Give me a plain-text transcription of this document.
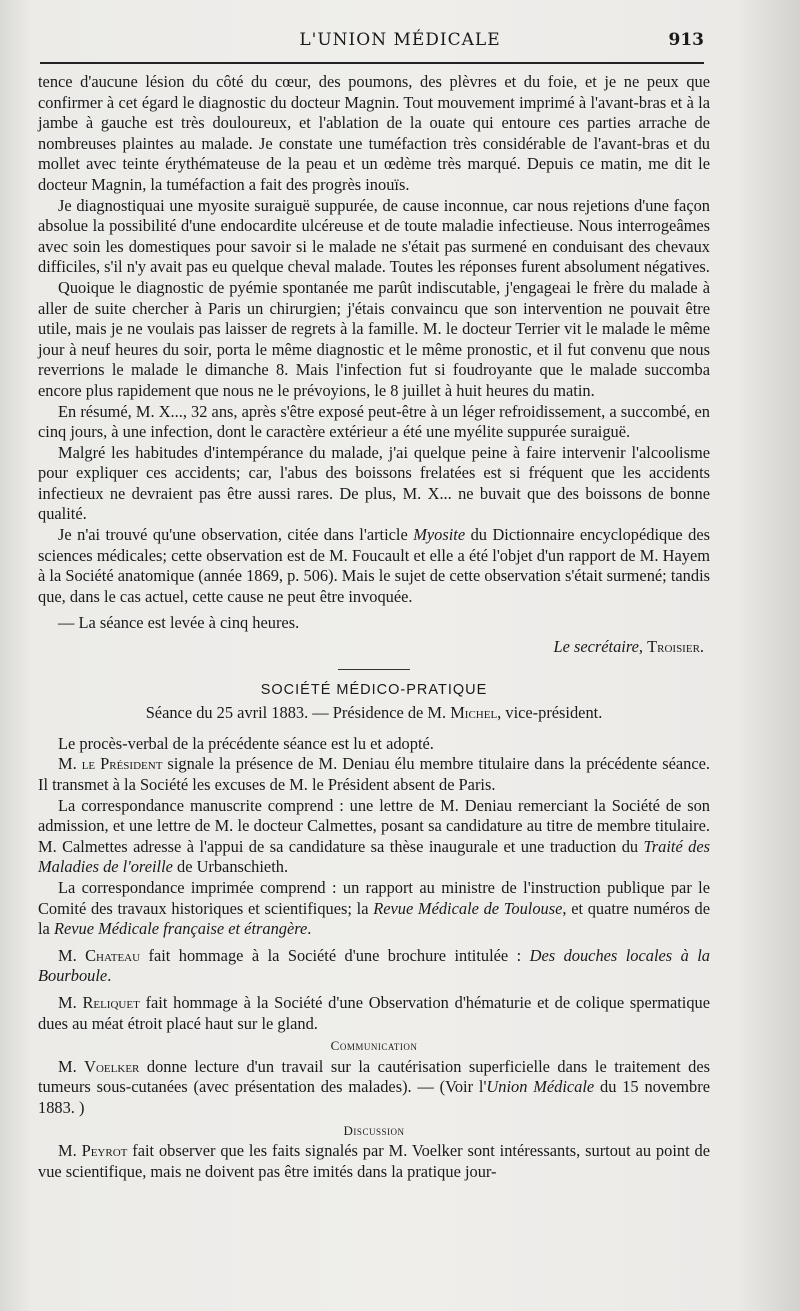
L'UNION MÉDICALE	913

tence d'aucune lésion du côté du cœur, des poumons, des plèvres et du foie, et je ne peux que confirmer à cet égard le diagnostic du docteur Magnin. Tout mouvement imprimé à l'avant-bras et à la jambe à gauche est très douloureux, et l'ablation de la ouate qui entoure ces parties arrache de nombreuses plaintes au malade. Je constate une tuméfaction très considérable de l'avant-bras et du mollet avec teinte érythémateuse de la peau et un œdème très marqué. Depuis ce matin, me dit le docteur Magnin, la tuméfaction a fait des progrès inouïs.

Je diagnostiquai une myosite suraiguë suppurée, de cause inconnue, car nous rejetions d'une façon absolue la possibilité d'une endocardite ulcéreuse et de toute maladie infectieuse. Nous interrogeâmes avec soin les domestiques pour savoir si le malade ne s'était pas surmené en conduisant des chevaux difficiles, s'il n'y avait pas eu quelque cheval malade. Toutes les réponses furent absolument négatives.

Quoique le diagnostic de pyémie spontanée me parût indiscutable, j'engageai le frère du malade à aller de suite chercher à Paris un chirurgien; j'étais convaincu que son intervention ne pouvait être utile, mais je ne voulais pas laisser de regrets à la famille. M. le docteur Terrier vit le malade le même jour à neuf heures du soir, porta le même diagnostic et le même pronostic, et il fut convenu que nous reverrions le malade le dimanche 8. Mais l'infection fut si foudroyante que le malade succomba encore plus rapidement que nous ne le prévoyions, le 8 juillet à huit heures du matin.

En résumé, M. X..., 32 ans, après s'être exposé peut-être à un léger refroidissement, a succombé, en cinq jours, à une infection, dont le caractère extérieur a été une myélite suppurée suraiguë.

Malgré les habitudes d'intempérance du malade, j'ai quelque peine à faire intervenir l'alcoolisme pour expliquer ces accidents; car, l'abus des boissons frelatées est si fréquent que les accidents infectieux ne devraient pas être aussi rares. De plus, M. X... ne buvait que des boissons de bonne qualité.

Je n'ai trouvé qu'une observation, citée dans l'article Myosite du Dictionnaire encyclopédique des sciences médicales; cette observation est de M. Foucault et elle a été l'objet d'un rapport de M. Hayem à la Société anatomique (année 1869, p. 506). Mais le sujet de cette observation s'était surmené; tandis que, dans le cas actuel, cette cause ne peut être invoquée.

— La séance est levée à cinq heures.

Le secrétaire, Troisier.

SOCIÉTÉ MÉDICO-PRATIQUE

Séance du 25 avril 1883. — Présidence de M. Michel, vice-président.

Le procès-verbal de la précédente séance est lu et adopté.

M. le Président signale la présence de M. Deniau élu membre titulaire dans la précédente séance. Il transmet à la Société les excuses de M. le Président absent de Paris.

La correspondance manuscrite comprend : une lettre de M. Deniau remerciant la Société de son admission, et une lettre de M. le docteur Calmettes, posant sa candidature au titre de membre titulaire. M. Calmettes adresse à l'appui de sa candidature sa thèse inaugurale et une traduction du Traité des Maladies de l'oreille de Urbanschieth.

La correspondance imprimée comprend : un rapport au ministre de l'instruction publique par le Comité des travaux historiques et scientifiques; la Revue Médicale de Toulouse, et quatre numéros de la Revue Médicale française et étrangère.

M. Chateau fait hommage à la Société d'une brochure intitulée : Des douches locales à la Bourboule.

M. Reliquet fait hommage à la Société d'une Observation d'hématurie et de colique spermatique dues au méat étroit placé haut sur le gland.

Communication

M. Voelker donne lecture d'un travail sur la cautérisation superficielle dans le traitement des tumeurs sous-cutanées (avec présentation des malades). — (Voir l'Union Médicale du 15 novembre 1883. )

Discussion

M. Peyrot fait observer que les faits signalés par M. Voelker sont intéressants, surtout au point de vue scientifique, mais ne doivent pas être imités dans la pratique jour-
